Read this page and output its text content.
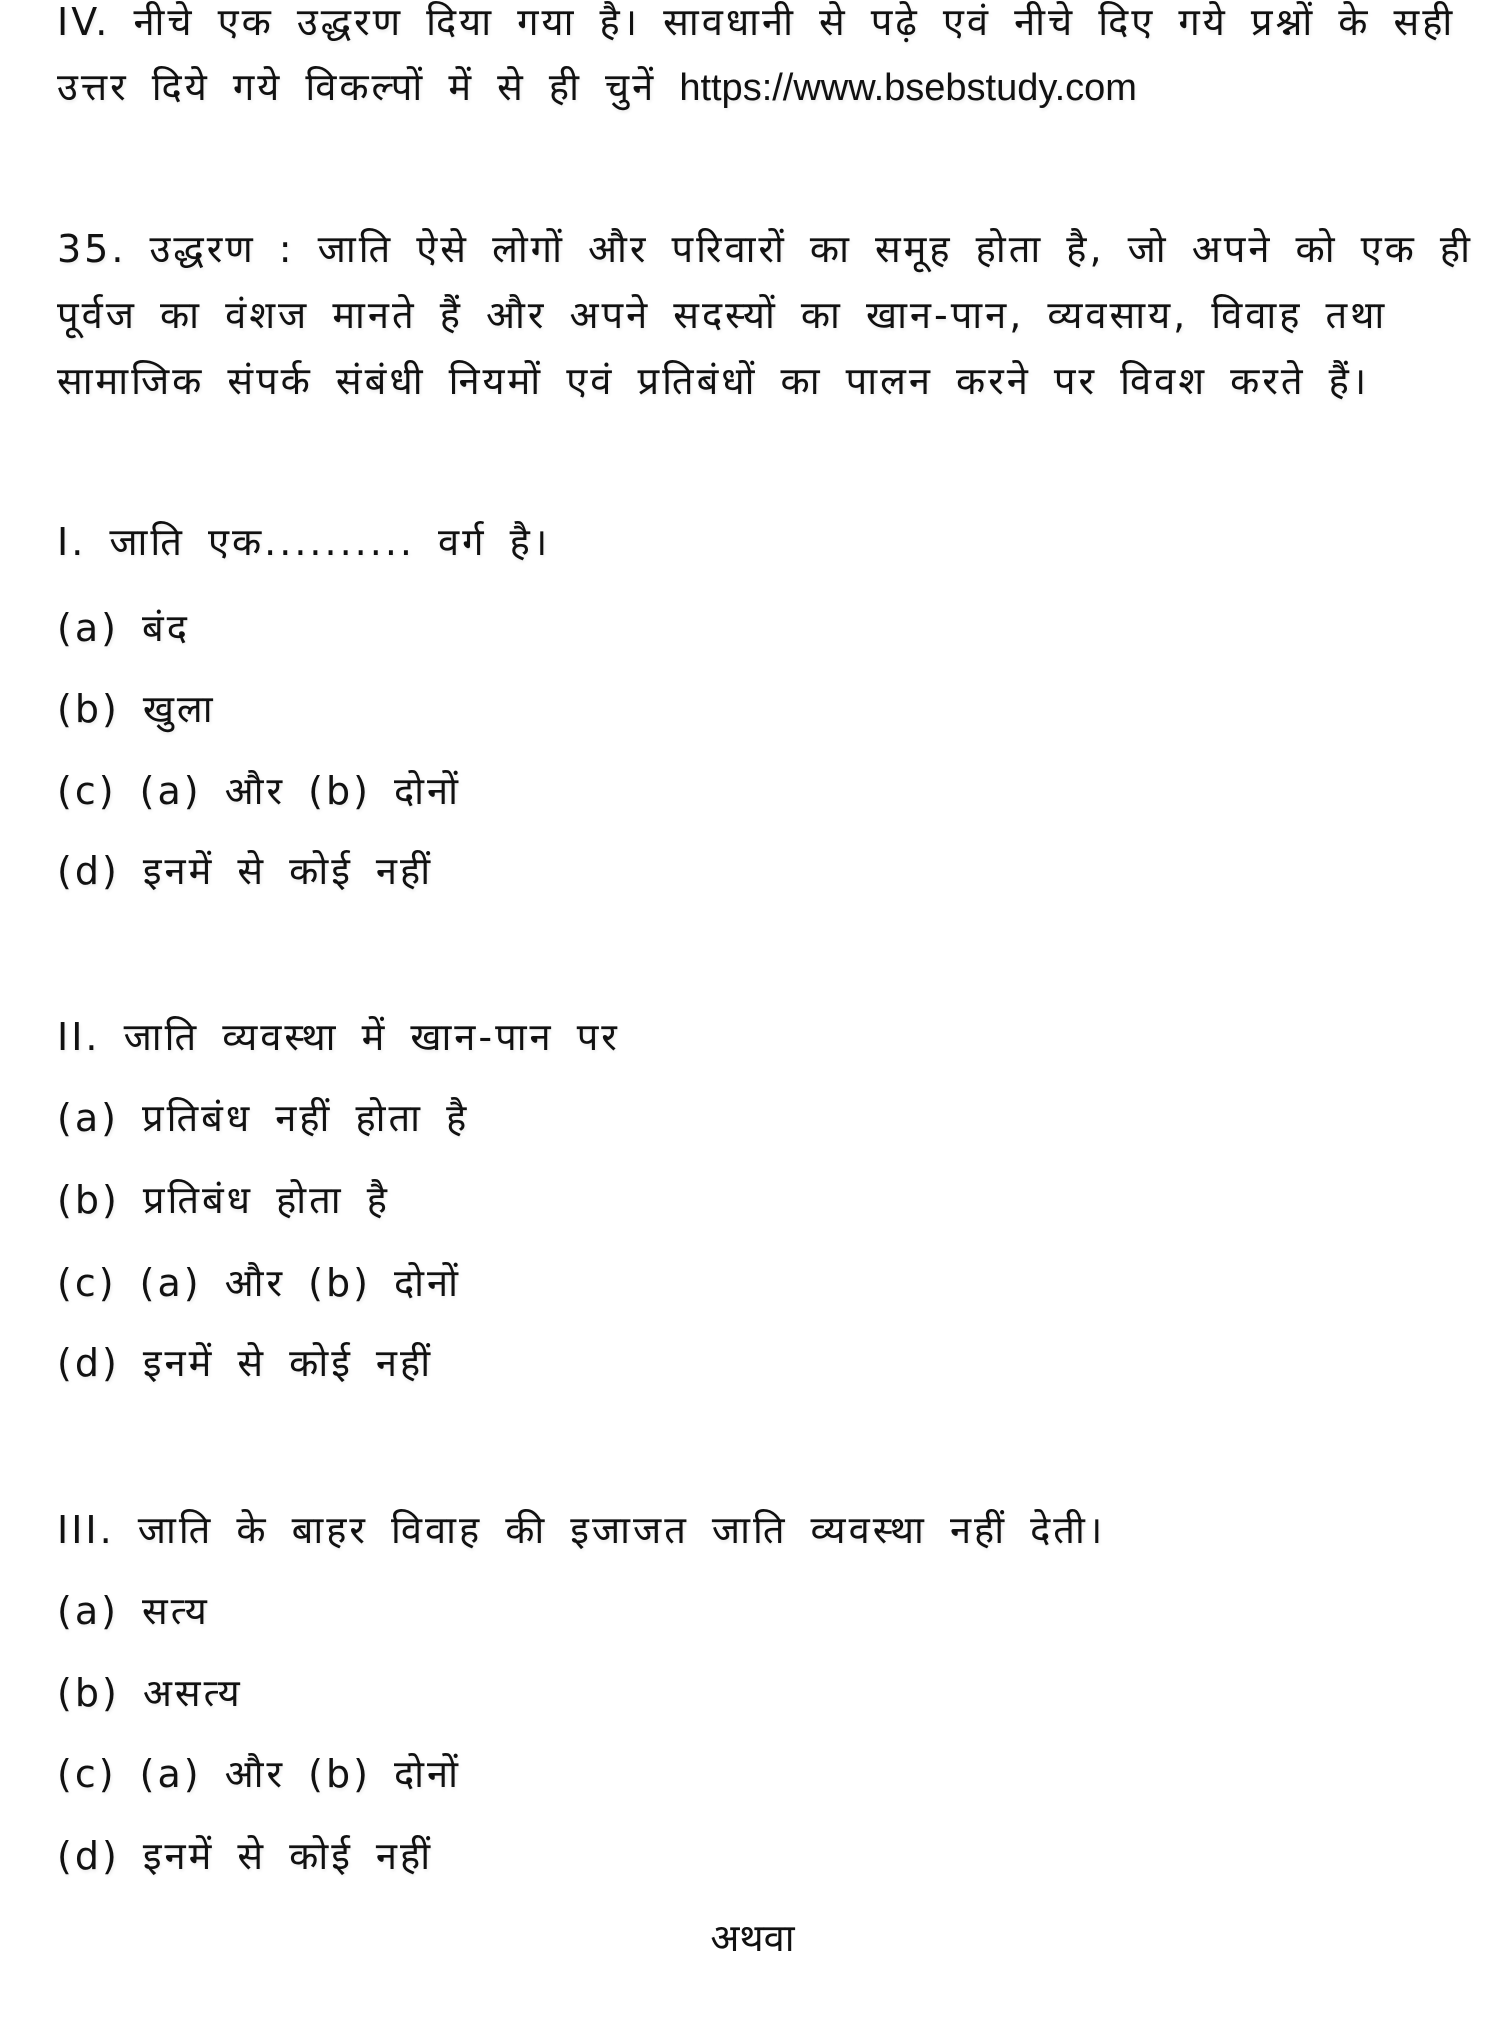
IV. नीचे एक उद्धरण दिया गया है। सावधानी से पढ़े एवं नीचे दिए गये प्रश्नों के सही
उत्तर दिये गये विकल्पों में से ही चुनें https://www.bsebstudy.com
35. उद्धरण : जाति ऐसे लोगों और परिवारों का समूह होता है, जो अपने को एक ही
पूर्वज का वंशज मानते हैं और अपने सदस्यों का खान-पान, व्यवसाय, विवाह तथा
सामाजिक संपर्क संबंधी नियमों एवं प्रतिबंधों का पालन करने पर विवश करते हैं।
I. जाति एक.......... वर्ग है।
(a) बंद
(b) खुला
(c) (a) और (b) दोनों
(d) इनमें से कोई नहीं
II. जाति व्यवस्था में खान-पान पर
(a) प्रतिबंध नहीं होता है
(b) प्रतिबंध होता है
(c) (a) और (b) दोनों
(d) इनमें से कोई नहीं
III. जाति के बाहर विवाह की इजाजत जाति व्यवस्था नहीं देती।
(a) सत्य
(b) असत्य
(c) (a) और (b) दोनों
(d) इनमें से कोई नहीं
अथवा
